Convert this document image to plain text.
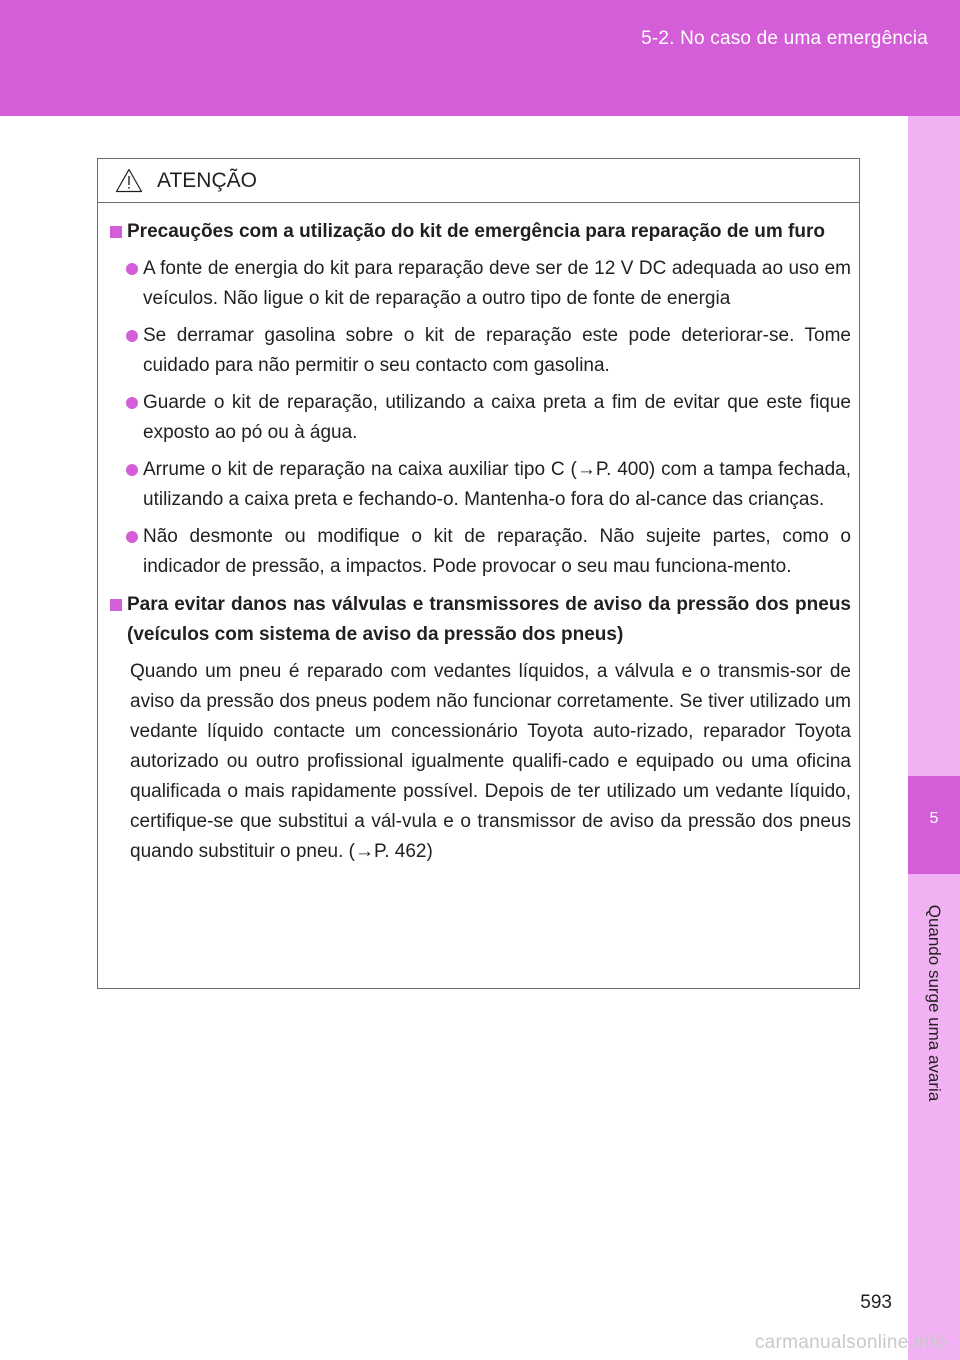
5-2. No caso de uma emergência
5
Quando surge uma avaria
ATENÇÃO
Precauções com a utilização do kit de emergência para reparação de um furo
A fonte de energia do kit para reparação deve ser de 12 V DC adequada ao uso em veículos. Não ligue o kit de reparação a outro tipo de fonte de energia
Se derramar gasolina sobre o kit de reparação este pode deteriorar-se. Tome cuidado para não permitir o seu contacto com gasolina.
Guarde o kit de reparação, utilizando a caixa preta a fim de evitar que este fique exposto ao pó ou à água.
Arrume o kit de reparação na caixa auxiliar tipo C (→P. 400) com a tampa fechada, utilizando a caixa preta e fechando-o. Mantenha-o fora do al-cance das crianças.
Não desmonte ou modifique o kit de reparação. Não sujeite partes, como o indicador de pressão, a impactos. Pode provocar o seu mau funciona-mento.
Para evitar danos nas válvulas e transmissores de aviso da pressão dos pneus (veículos com sistema de aviso da pressão dos pneus)
Quando um pneu é reparado com vedantes líquidos, a válvula e o transmis-sor de aviso da pressão dos pneus podem não funcionar corretamente. Se tiver utilizado um vedante líquido contacte um concessionário Toyota auto-rizado, reparador Toyota autorizado ou outro profissional igualmente qualifi-cado e equipado ou uma oficina qualificada o mais rapidamente possível. Depois de ter utilizado um vedante líquido, certifique-se que substitui a vál-vula e o transmissor de aviso da pressão dos pneus quando substituir o pneu. (→P. 462)
593
carmanualsonline.info
